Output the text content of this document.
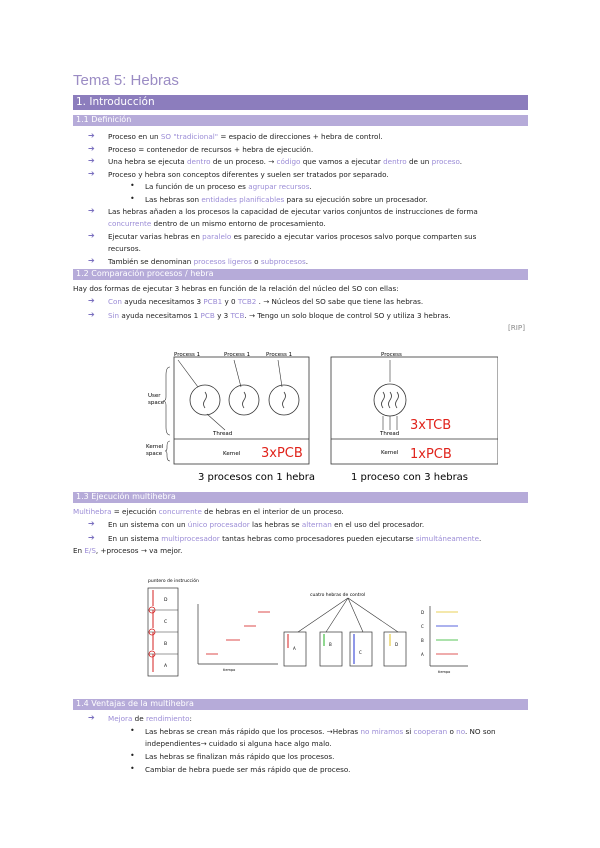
Tema 5: Hebras
1. Introducción
1.1 Definición
➔ Proceso en un SO "tradicional" = espacio de direcciones + hebra de control.
➔ Proceso = contenedor de recursos + hebra de ejecución.
➔ Una hebra se ejecuta dentro de un proceso. → código que vamos a ejecutar dentro de un proceso.
➔ Proceso y hebra son conceptos diferentes y suelen ser tratados por separado.
• La función de un proceso es agrupar recursos.
• Las hebras son entidades planificables para su ejecución sobre un procesador.
➔ Las hebras añaden a los procesos la capacidad de ejecutar varios conjuntos de instrucciones de forma
concurrente dentro de un mismo entorno de procesamiento.
➔ Ejecutar varias hebras en paralelo es parecido a ejecutar varios procesos salvo porque comparten sus
recursos.
➔ También se denominan procesos ligeros o subprocesos.
1.2 Comparación procesos / hebra
Hay dos formas de ejecutar 3 hebras en función de la relación del núcleo del SO con ellas:
➔ Con ayuda necesitamos 3 PCB1 y 0 TCB2 . → Núcleos del SO sabe que tiene las hebras.
➔ Sin ayuda necesitamos 1 PCB y 3 TCB. → Tengo un solo bloque de control SO y utiliza 3 hebras.
[RIP]
Process 1	Process 1	Process 1
Thread
User space
Kernel space	Kernel 3xPCB
3 procesos con 1 hebra
Process
Thread
3xTCB
Kernel 1xPCB
1 proceso con 3 hebras
1.3 Ejecución multihebra
Multihebra = ejecución concurrente de hebras en el interior de un proceso.
➔ En un sistema con un único procesador las hebras se alternan en el uso del procesador.
➔ En un sistema multiprocesador tantas hebras como procesadores pueden ejecutarse simultáneamente.
En E/S, +procesos → va mejor.
puntero de instrucción
D
C
B
A
tiempo
cuatro hebras de control
A
B
C
D
D
C
B
A
tiempo
1.4 Ventajas de la multihebra
➔ Mejora de rendimiento:
• Las hebras se crean más rápido que los procesos. →Hebras no miramos si cooperan o no. NO son
independientes→ cuidado si alguna hace algo malo.
• Las hebras se finalizan más rápido que los procesos.
• Cambiar de hebra puede ser más rápido que de proceso.
